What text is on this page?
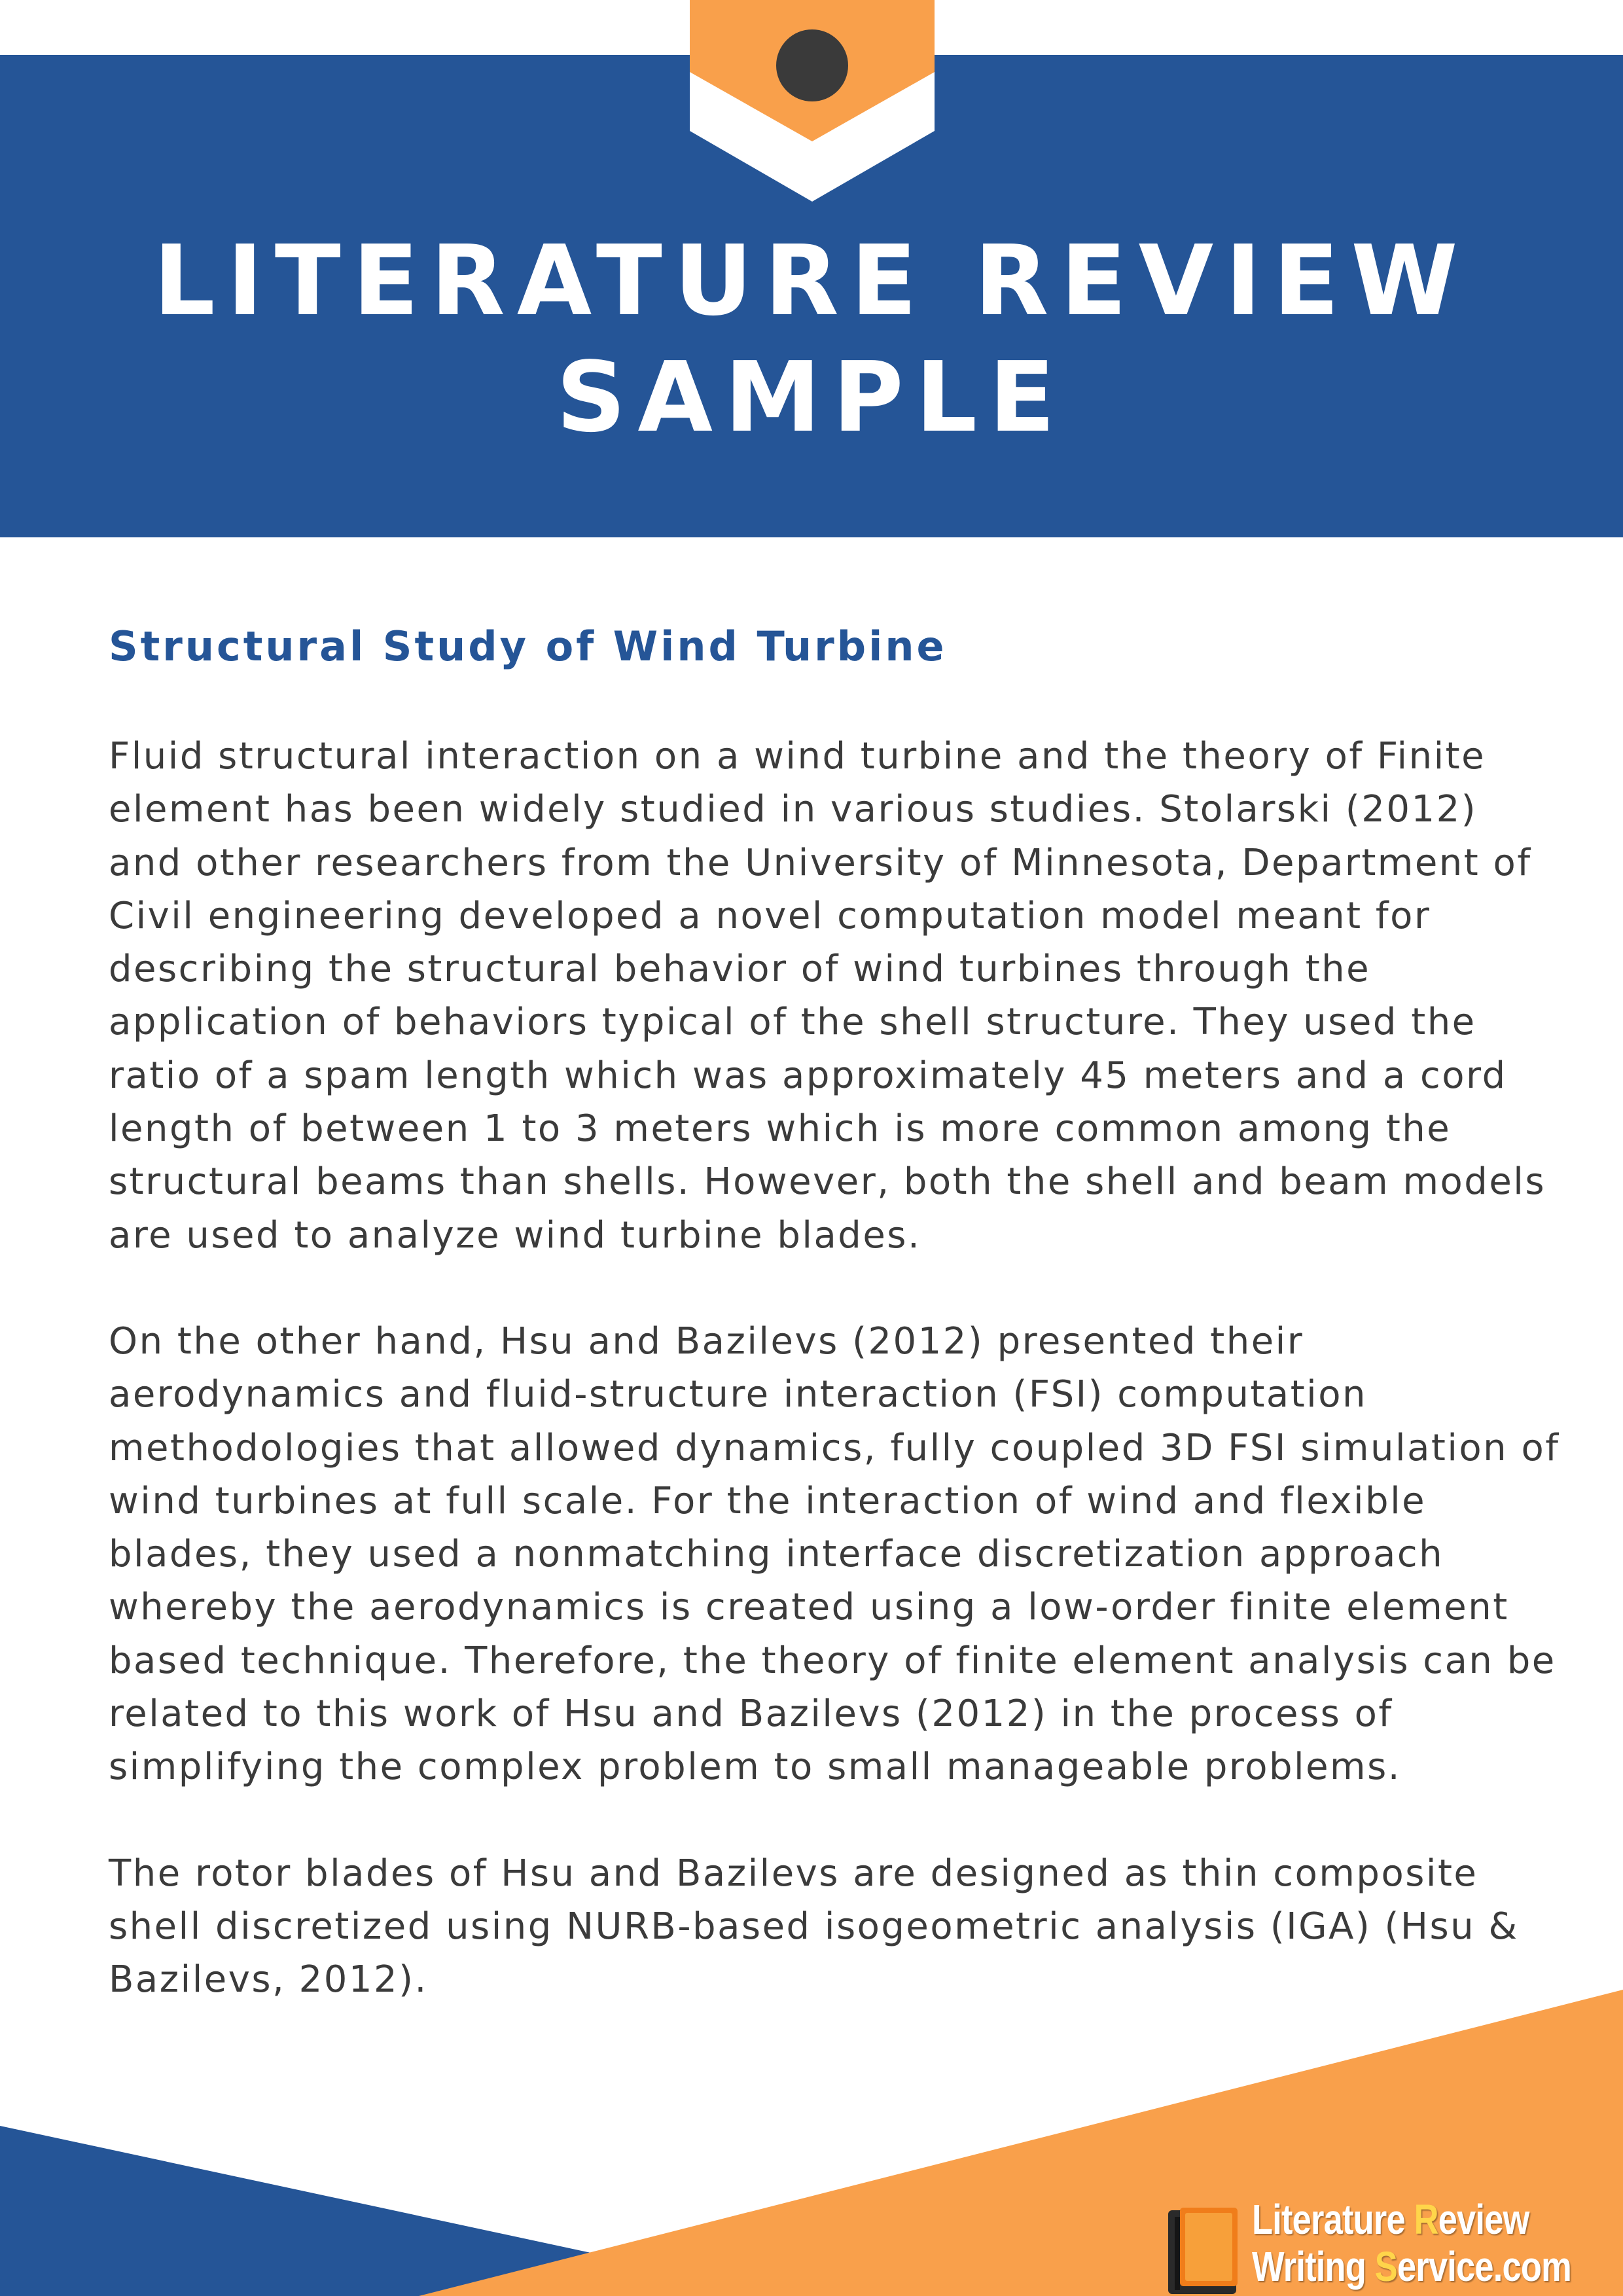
LITERATURE REVIEW
SAMPLE
Structural Study of Wind Turbine

Fluid structural interaction on a wind turbine and the theory of Finite
element has been widely studied in various studies. Stolarski (2012)
and other researchers from the University of Minnesota, Department of
Civil engineering developed a novel computation model meant for
describing the structural behavior of wind turbines through the
application of behaviors typical of the shell structure. They used the
ratio of a spam length which was approximately 45 meters and a cord
length of between 1 to 3 meters which is more common among the
structural beams than shells. However, both the shell and beam models
are used to analyze wind turbine blades.

On the other hand, Hsu and Bazilevs (2012) presented their
aerodynamics and fluid-structure interaction (FSI) computation
methodologies that allowed dynamics, fully coupled 3D FSI simulation of
wind turbines at full scale. For the interaction of wind and flexible
blades, they used a nonmatching interface discretization approach
whereby the aerodynamics is created using a low-order finite element
based technique. Therefore, the theory of finite element analysis can be
related to this work of Hsu and Bazilevs (2012) in the process of
simplifying the complex problem to small manageable problems.

The rotor blades of Hsu and Bazilevs are designed as thin composite
shell discretized using NURB-based isogeometric analysis (IGA) (Hsu &
Bazilevs, 2012).

Literature Review
Writing Service.com
